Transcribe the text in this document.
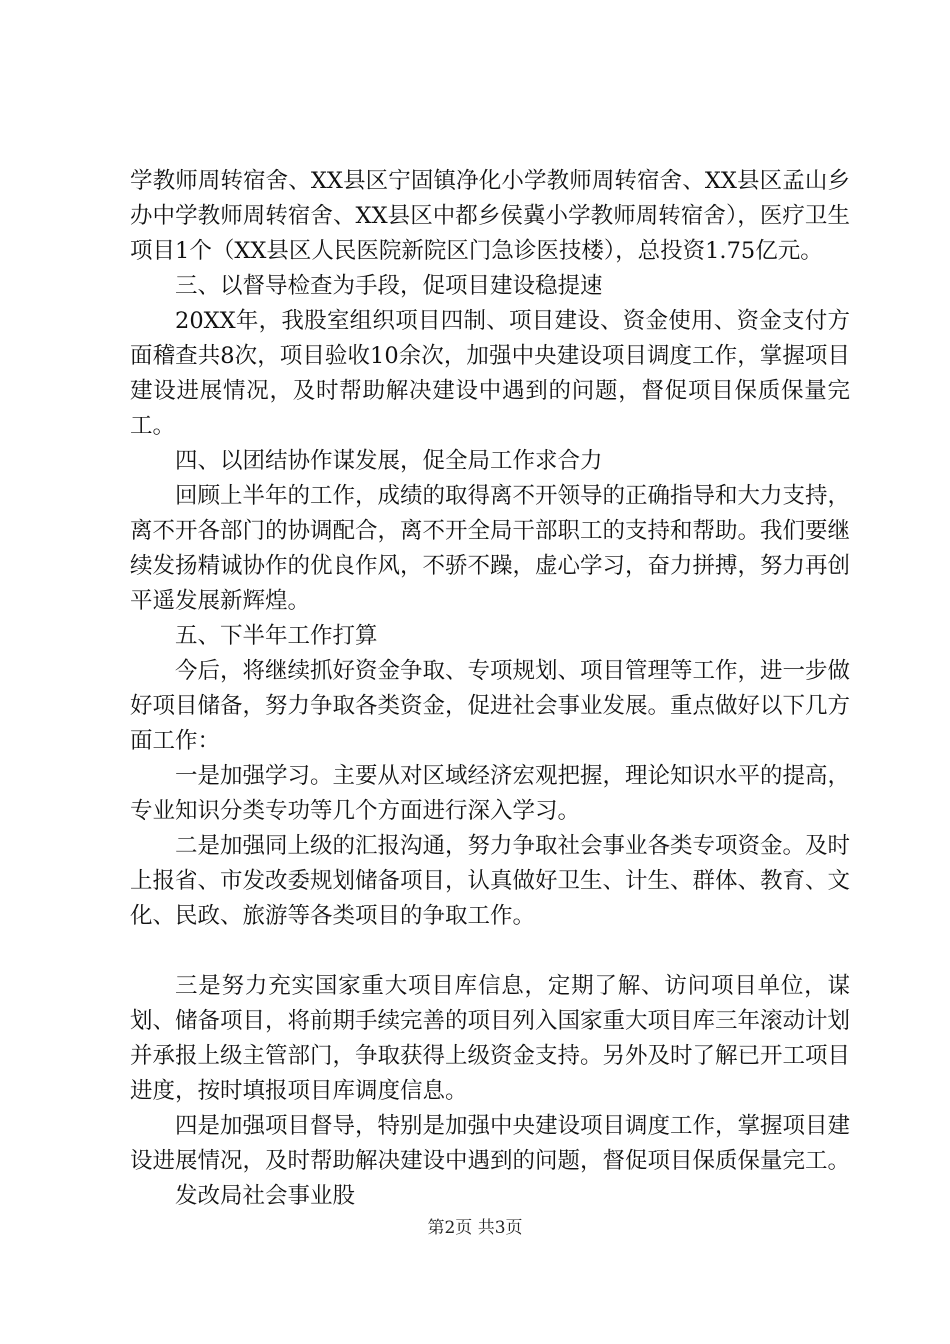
学教师周转宿舍、XX县区宁固镇净化小学教师周转宿舍、XX县区孟山乡办中学教师周转宿舍、XX县区中都乡侯冀小学教师周转宿舍），医疗卫生项目1个（XX县区人民医院新院区门急诊医技楼），总投资1.75亿元。

三、以督导检查为手段，促项目建设稳提速

20XX年，我股室组织项目四制、项目建设、资金使用、资金支付方面稽查共8次，项目验收10余次，加强中央建设项目调度工作，掌握项目建设进展情况，及时帮助解决建设中遇到的问题，督促项目保质保量完工。

四、以团结协作谋发展，促全局工作求合力

回顾上半年的工作，成绩的取得离不开领导的正确指导和大力支持，离不开各部门的协调配合，离不开全局干部职工的支持和帮助。我们要继续发扬精诚协作的优良作风，不骄不躁，虚心学习，奋力拼搏，努力再创平遥发展新辉煌。

五、下半年工作打算

今后，将继续抓好资金争取、专项规划、项目管理等工作，进一步做好项目储备，努力争取各类资金，促进社会事业发展。重点做好以下几方面工作：

一是加强学习。主要从对区域经济宏观把握，理论知识水平的提高，专业知识分类专功等几个方面进行深入学习。

二是加强同上级的汇报沟通，努力争取社会事业各类专项资金。及时上报省、市发改委规划储备项目，认真做好卫生、计生、群体、教育、文化、民政、旅游等各类项目的争取工作。

三是努力充实国家重大项目库信息，定期了解、访问项目单位，谋划、储备项目，将前期手续完善的项目列入国家重大项目库三年滚动计划并承报上级主管部门，争取获得上级资金支持。另外及时了解已开工项目进度，按时填报项目库调度信息。

四是加强项目督导，特别是加强中央建设项目调度工作，掌握项目建设进展情况，及时帮助解决建设中遇到的问题，督促项目保质保量完工。

发改局社会事业股

第2页 共3页
